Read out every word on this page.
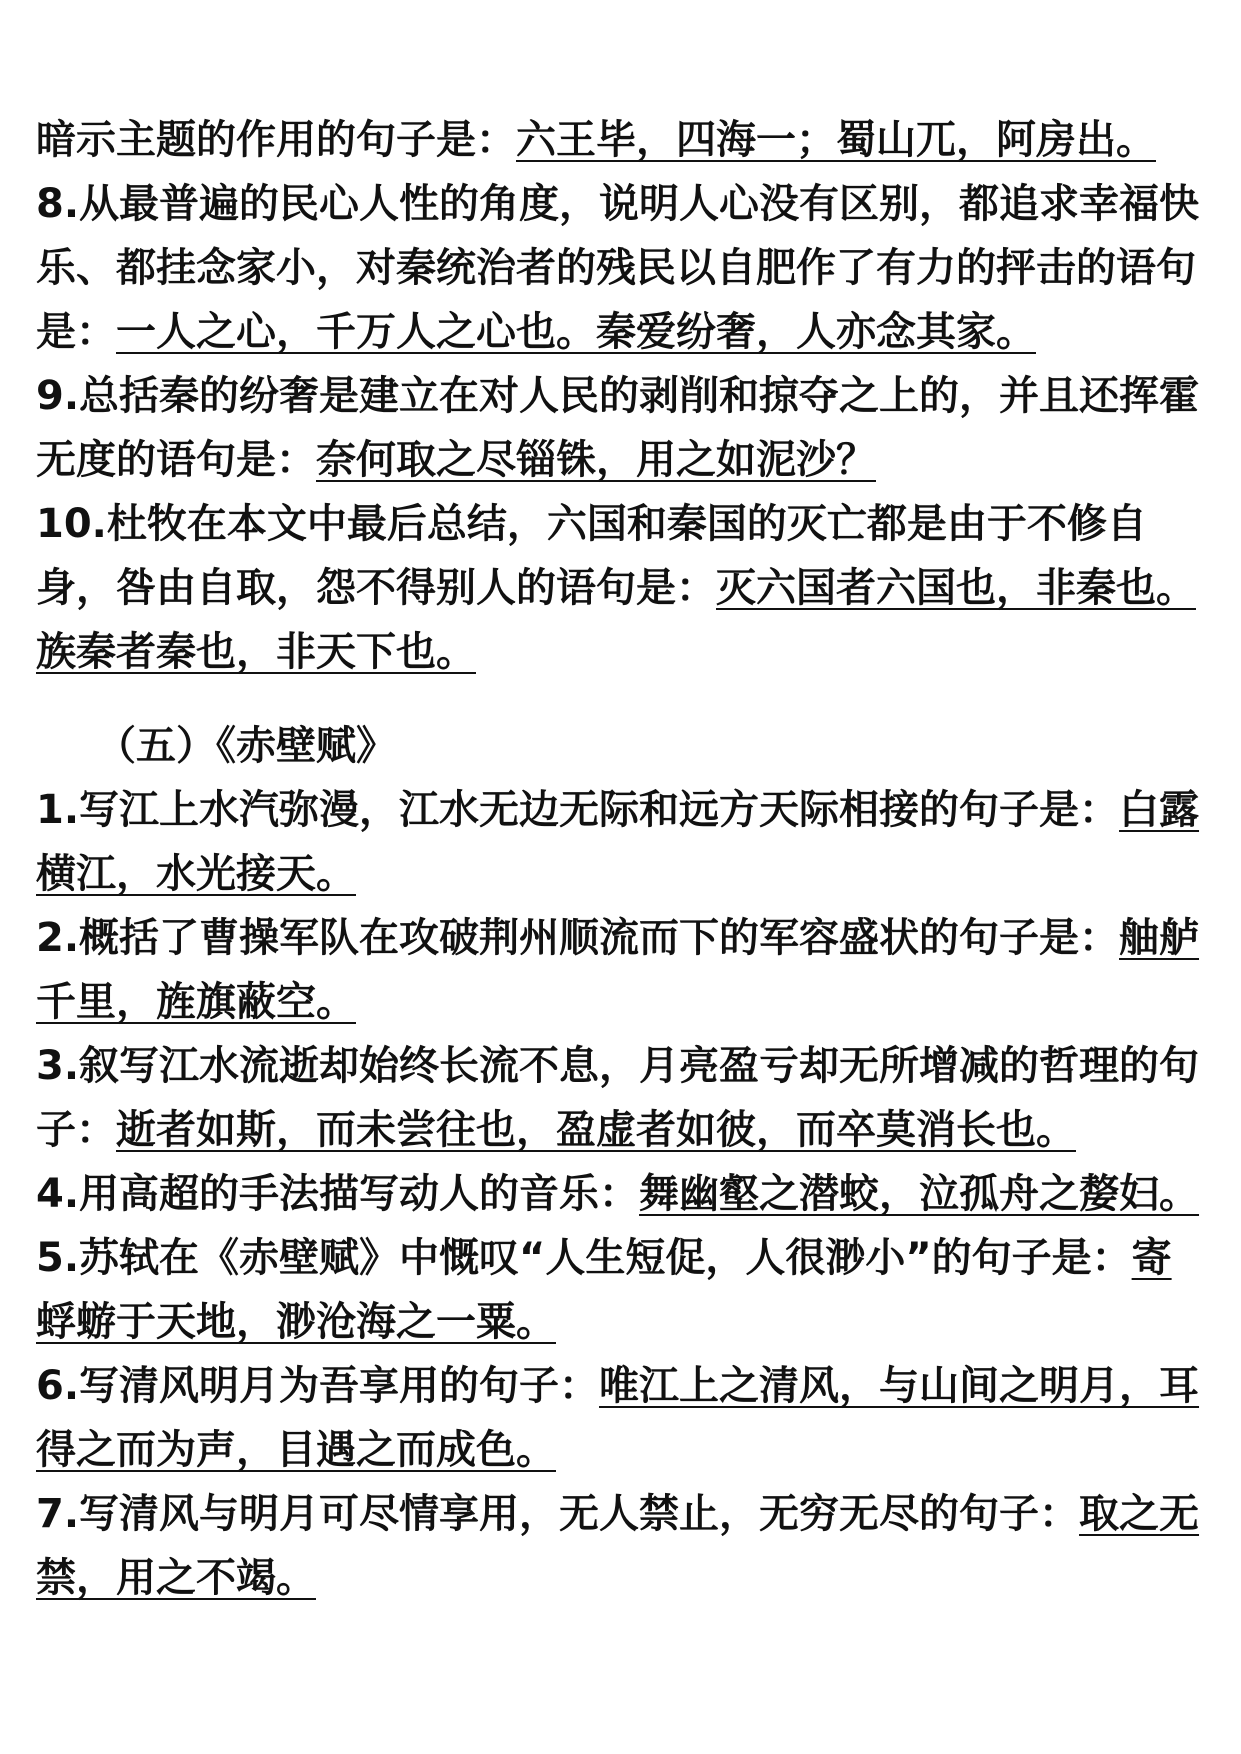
暗示主题的作用的句子是：六王毕，四海一；蜀山兀，阿房出。

8.从最普遍的民心人性的角度，说明人心没有区别，都追求幸福快乐、都挂念家小，对秦统治者的残民以自肥作了有力的抨击的语句是：一人之心，千万人之心也。秦爱纷奢，人亦念其家。

9.总括秦的纷奢是建立在对人民的剥削和掠夺之上的，并且还挥霍无度的语句是：奈何取之尽锱铢，用之如泥沙？

10.杜牧在本文中最后总结，六国和秦国的灭亡都是由于不修自身，咎由自取，怨不得别人的语句是：灭六国者六国也，非秦也。族秦者秦也，非天下也。

（五）《赤壁赋》

1.写江上水汽弥漫，江水无边无际和远方天际相接的句子是：白露横江，水光接天。

2.概括了曹操军队在攻破荆州顺流而下的军容盛状的句子是：舳舻千里，旌旗蔽空。

3.叙写江水流逝却始终长流不息，月亮盈亏却无所增减的哲理的句子：逝者如斯，而未尝往也，盈虚者如彼，而卒莫消长也。

4.用高超的手法描写动人的音乐：舞幽壑之潜蛟，泣孤舟之嫠妇。

5.苏轼在《赤壁赋》中慨叹“人生短促，人很渺小”的句子是：寄蜉蝣于天地，渺沧海之一粟。

6.写清风明月为吾享用的句子：唯江上之清风，与山间之明月，耳得之而为声，目遇之而成色。

7.写清风与明月可尽情享用，无人禁止，无穷无尽的句子：取之无禁，用之不竭。
